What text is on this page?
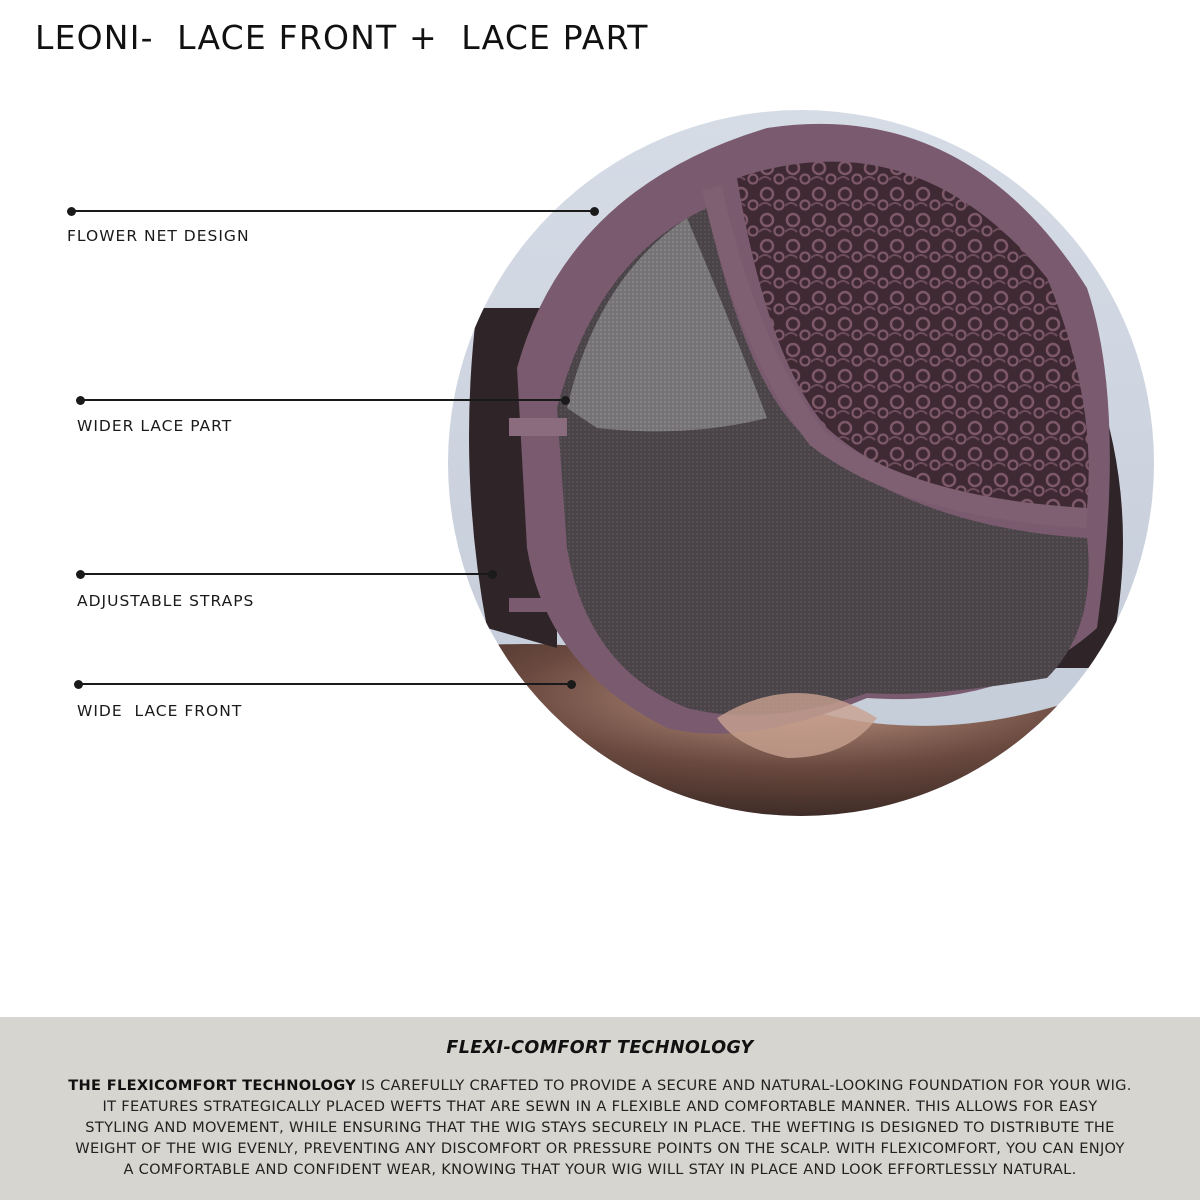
LEONI-  LACE FRONT +  LACE PART
FLOWER NET DESIGN
WIDER LACE PART
ADJUSTABLE STRAPS
WIDE  LACE FRONT
FLEXI-COMFORT TECHNOLOGY
THE FLEXICOMFORT TECHNOLOGY IS CAREFULLY CRAFTED TO PROVIDE A SECURE AND NATURAL-LOOKING FOUNDATION FOR YOUR WIG.
IT FEATURES STRATEGICALLY PLACED WEFTS THAT ARE SEWN IN A FLEXIBLE AND COMFORTABLE MANNER. THIS ALLOWS FOR EASY
STYLING AND MOVEMENT, WHILE ENSURING THAT THE WIG STAYS SECURELY IN PLACE. THE WEFTING IS DESIGNED TO DISTRIBUTE THE
WEIGHT OF THE WIG EVENLY, PREVENTING ANY DISCOMFORT OR PRESSURE POINTS ON THE SCALP. WITH FLEXICOMFORT, YOU CAN ENJOY
A COMFORTABLE AND CONFIDENT WEAR, KNOWING THAT YOUR WIG WILL STAY IN PLACE AND LOOK EFFORTLESSLY NATURAL.
